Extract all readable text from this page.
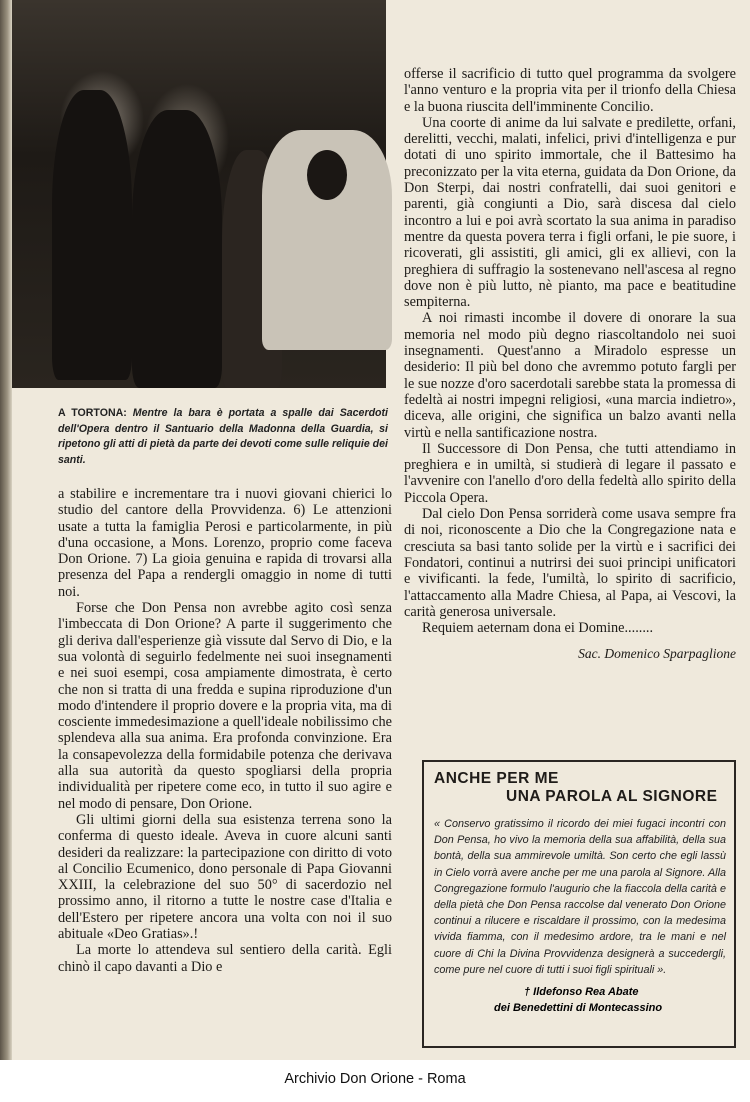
A TORTONA: Mentre la bara è portata a spalle dai Sacerdoti dell'Opera dentro il Santuario della Madonna della Guardia, si ripetono gli atti di pietà da parte dei devoti come sulle reliquie dei santi.

a stabilire e incrementare tra i nuovi giovani chierici lo studio del cantore della Provvidenza. 6) Le attenzioni usate a tutta la famiglia Perosi e particolarmente, in più d'una occasione, a Mons. Lorenzo, proprio come faceva Don Orione. 7) La gioia genuina e rapida di trovarsi alla presenza del Papa a rendergli omaggio in nome di tutti noi.

Forse che Don Pensa non avrebbe agito così senza l'imbeccata di Don Orione? A parte il suggerimento che gli deriva dall'esperienze già vissute dal Servo di Dio, e la sua volontà di seguirlo fedelmente nei suoi insegnamenti e nei suoi esempi, cosa ampiamente dimostrata, è certo che non si tratta di una fredda e supina riproduzione d'un modo d'intendere il proprio dovere e la propria vita, ma di cosciente immedesimazione a quell'ideale nobilissimo che splendeva alla sua anima. Era profonda convinzione. Era la consapevolezza della formidabile potenza che derivava alla sua autorità da questo spogliarsi della propria individualità per ripetere come eco, in tutto il suo agire e nel modo di pensare, Don Orione.

Gli ultimi giorni della sua esistenza terrena sono la conferma di questo ideale. Aveva in cuore alcuni santi desideri da realizzare: la partecipazione con diritto di voto al Concilio Ecumenico, dono personale di Papa Giovanni XXIII, la celebrazione del suo 50° di sacerdozio nel prossimo anno, il ritorno a tutte le nostre case d'Italia e dell'Estero per ripetere ancora una volta con noi il suo abituale «Deo Gratias».!

La morte lo attendeva sul sentiero della carità. Egli chinò il capo davanti a Dio e

offerse il sacrificio di tutto quel programma da svolgere l'anno venturo e la propria vita per il trionfo della Chiesa e la buona riuscita dell'imminente Concilio.

Una coorte di anime da lui salvate e predilette, orfani, derelitti, vecchi, malati, infelici, privi d'intelligenza e pur dotati di uno spirito immortale, che il Battesimo ha preconizzato per la vita eterna, guidata da Don Orione, da Don Sterpi, dai nostri confratelli, dai suoi genitori e parenti, già congiunti a Dio, sarà discesa dal cielo incontro a lui e poi avrà scortato la sua anima in paradiso mentre da questa povera terra i figli orfani, le pie suore, i ricoverati, gli assistiti, gli amici, gli ex allievi, con la preghiera di suffragio la sostenevano nell'ascesa al regno dove non è più lutto, nè pianto, ma pace e beatitudine sempiterna.

A noi rimasti incombe il dovere di onorare la sua memoria nel modo più degno riascoltandolo nei suoi insegnamenti. Quest'anno a Miradolo espresse un desiderio: Il più bel dono che avremmo potuto fargli per le sue nozze d'oro sacerdotali sarebbe stata la promessa di fedeltà ai nostri impegni religiosi, «una marcia indietro», diceva, alle origini, che significa un balzo avanti nella virtù e nella santificazione nostra.

Il Successore di Don Pensa, che tutti attendiamo in preghiera e in umiltà, si studierà di legare il passato e l'avvenire con l'anello d'oro della fedeltà allo spirito della Piccola Opera.

Dal cielo Don Pensa sorriderà come usava sempre fra di noi, riconoscente a Dio che la Congregazione nata e cresciuta sa basi tanto solide per la virtù e i sacrifici dei Fondatori, continui a nutrirsi dei suoi principi unificatori e vivificanti. la fede, l'umiltà, lo spirito di sacrificio, l'attaccamento alla Madre Chiesa, al Papa, ai Vescovi, la carità generosa universale.

Requiem aeternam dona ei Domine........

Sac. Domenico Sparpaglione
ANCHE PER ME
UNA PAROLA AL SIGNORE
« Conservo gratissimo il ricordo dei miei fugaci incontri con Don Pensa, ho vivo la memoria della sua affabilità, della sua bontà, della sua ammirevole umiltà. Son certo che egli lassù in Cielo vorrà avere anche per me una parola al Signore. Alla Congregazione formulo l'augurio che la fiaccola della carità e della pietà che Don Pensa raccolse dal venerato Don Orione continui a rilucere e riscaldare il prossimo, con la medesima vivida fiamma, con il medesimo ardore, tra le mani e nel cuore di Chi la Divina Provvidenza designerà a succedergli, come pure nel cuore di tutti i suoi figli spirituali ».
† Ildefonso Rea Abate
dei Benedettini di Montecassino
Archivio Don Orione - Roma
